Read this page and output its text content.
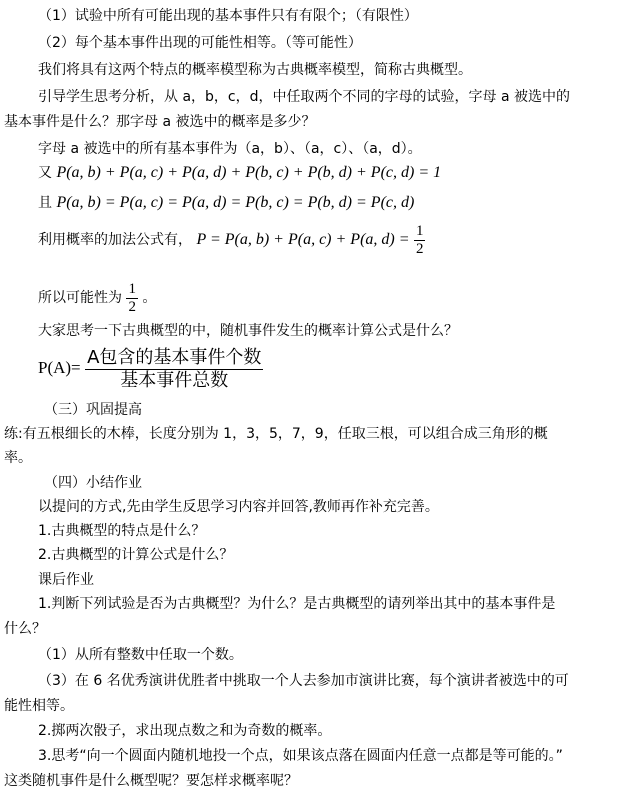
（1）试验中所有可能出现的基本事件只有有限个；（有限性）
（2）每个基本事件出现的可能性相等。（等可能性）
我们将具有这两个特点的概率模型称为古典概率模型，简称古典概型。
引导学生思考分析，从 a，b，c，d，中任取两个不同的字母的试验，字母 a 被选中的
基本事件是什么？那字母 a 被选中的概率是多少？
字母 a 被选中的所有基本事件为（a，b）、（a，c）、（a，d）。
又 P(a, b) + P(a, c) + P(a, d) + P(b, c) + P(b, d) + P(c, d) = 1
且 P(a, b) = P(a, c) = P(a, d) = P(b, c) = P(b, d) = P(c, d)
利用概率的加法公式有， P = P(a, b) + P(a, c) + P(a, $d) = \frac{1}{2}$
所以可能性为 $\frac{1}{2}$ 。
大家思考一下古典概型的中，随机事件发生的概率计算公式是什么？
$P(A)= \frac{\text{A包含的基本事件个数}}{\text{基本事件总数}}$
（三）巩固提高
练:有五根细长的木棒，长度分别为 1，3，5，7，9，任取三根，可以组合成三角形的概
率。
（四）小结作业
以提问的方式,先由学生反思学习内容并回答,教师再作补充完善。
1.古典概型的特点是什么？
2.古典概型的计算公式是什么？
课后作业
1.判断下列试验是否为古典概型？为什么？是古典概型的请列举出其中的基本事件是
什么？
（1）从所有整数中任取一个数。
（3）在 6 名优秀演讲优胜者中挑取一个人去参加市演讲比赛，每个演讲者被选中的可
能性相等。
2.掷两次骰子，求出现点数之和为奇数的概率。
3.思考“向一个圆面内随机地投一个点，如果该点落在圆面内任意一点都是等可能的。”
这类随机事件是什么概型呢？要怎样求概率呢？
